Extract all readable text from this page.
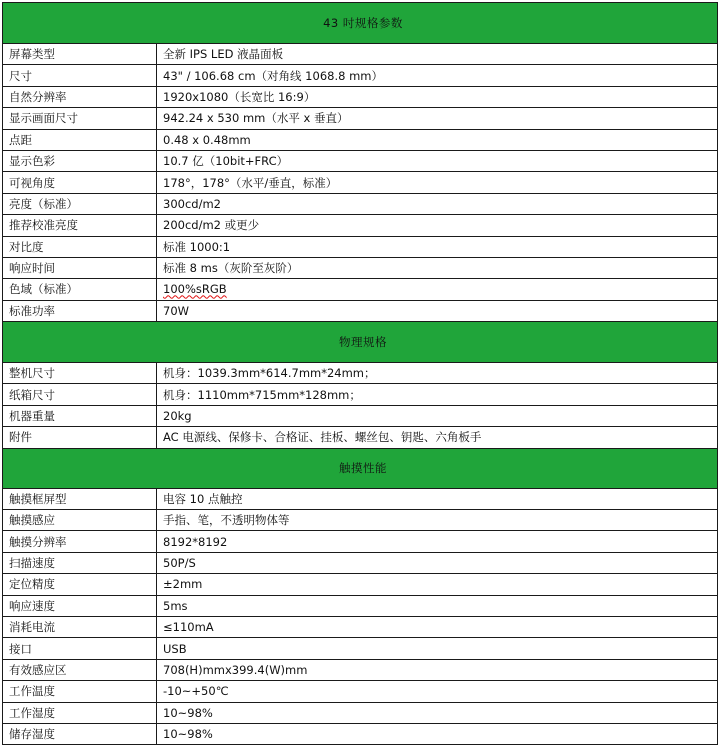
43 吋规格参数	
屏幕类型	全新 IPS LED 液晶面板
尺寸	43" / 106.68 cm（对角线 1068.8 mm）
自然分辨率	1920x1080（长宽比 16:9）
显示画面尺寸	942.24 x 530 mm（水平 x 垂直）
点距	0.48 x 0.48mm
显示色彩	10.7 亿（10bit+FRC）
可视角度	178°，178°（水平/垂直，标准）
亮度（标准）	300cd/m2
推荐校准亮度	200cd/m2 或更少
对比度	标准 1000:1
响应时间	标准 8 ms（灰阶至灰阶）
色域（标准）	100%sRGB
标准功率	70W
物理规格	
整机尺寸	机身：1039.3mm*614.7mm*24mm；
纸箱尺寸	机身：1110mm*715mm*128mm；
机器重量	20kg
附件	AC 电源线、保修卡、合格证、挂板、螺丝包、钥匙、六角板手
触摸性能	
触摸框屏型	电容 10 点触控
触摸感应	手指、笔，不透明物体等
触摸分辨率	8192*8192
扫描速度	50P/S
定位精度	±2mm
响应速度	5ms
消耗电流	≤110mA
接口	USB
有效感应区	708(H)mmx399.4(W)mm
工作温度	-10~+50℃
工作湿度	10~98%
储存湿度	10~98%
